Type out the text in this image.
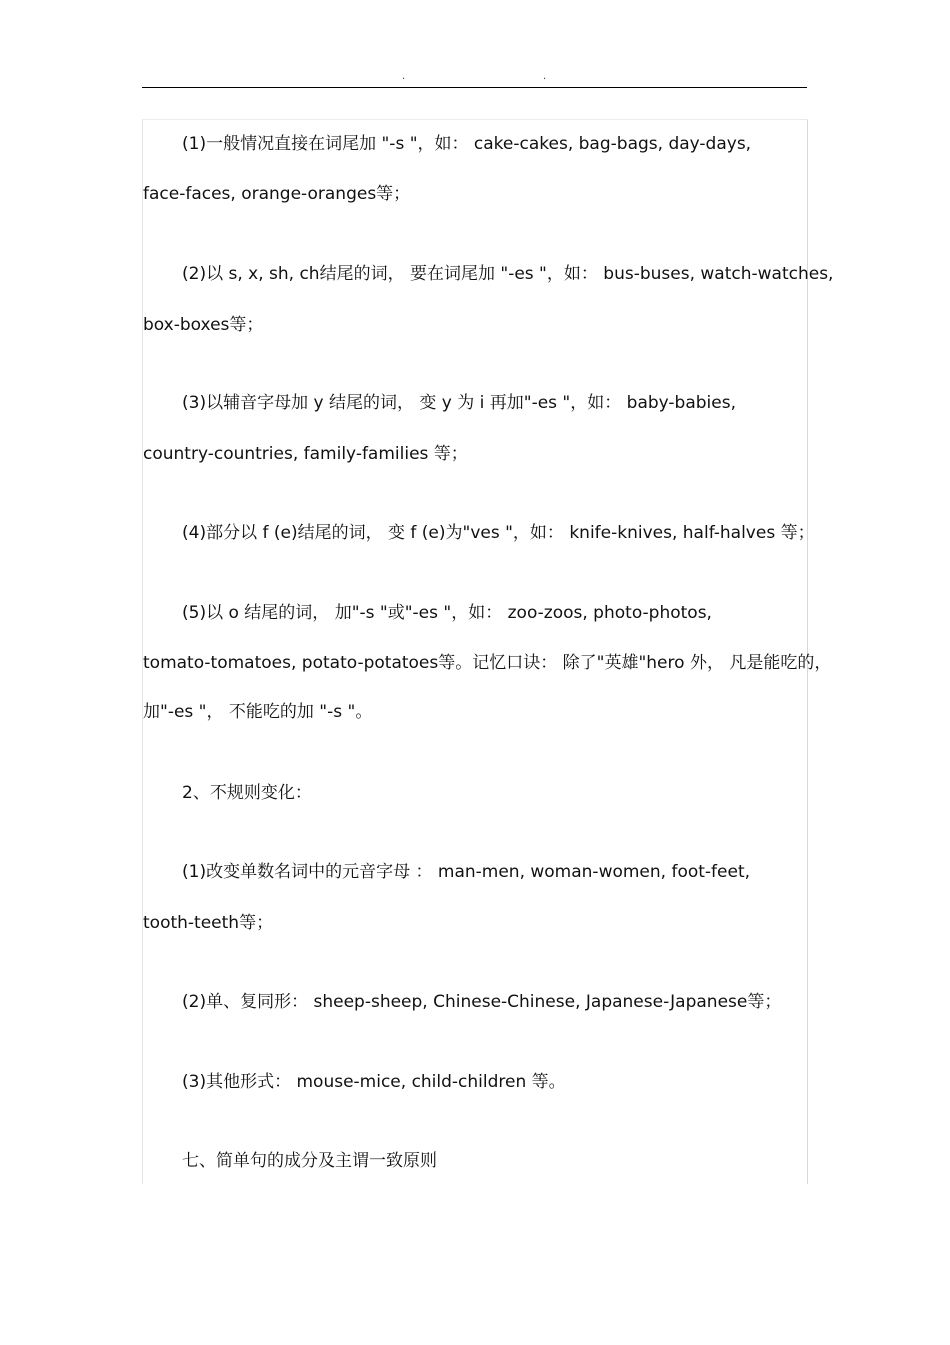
.	.
(1)一般情况直接在词尾加 "-s "，如： cake-cakes, bag-bags, day-days,
face-faces, orange-oranges等；
(2)以 s, x, sh, ch结尾的词， 要在词尾加 "-es "，如： bus-buses, watch-watches,
box-boxes等；
(3)以辅音字母加 y 结尾的词， 变 y 为 i 再加"-es "，如： baby-babies,
country-countries, family-families 等；
(4)部分以 f (e)结尾的词， 变 f (e)为"ves "，如： knife-knives, half-halves 等；
(5)以 o 结尾的词， 加"-s "或"-es "，如： zoo-zoos, photo-photos,
tomato-tomatoes, potato-potatoes等。记忆口诀： 除了"英雄"hero 外， 凡是能吃的，
加"-es "， 不能吃的加 "-s "。
2、不规则变化：
(1)改变单数名词中的元音字母 ： man-men, woman-women, foot-feet,
tooth-teeth等；
(2)单、复同形： sheep-sheep, Chinese-Chinese, Japanese-Japanese等；
(3)其他形式： mouse-mice, child-children 等。
七、简单句的成分及主谓一致原则
